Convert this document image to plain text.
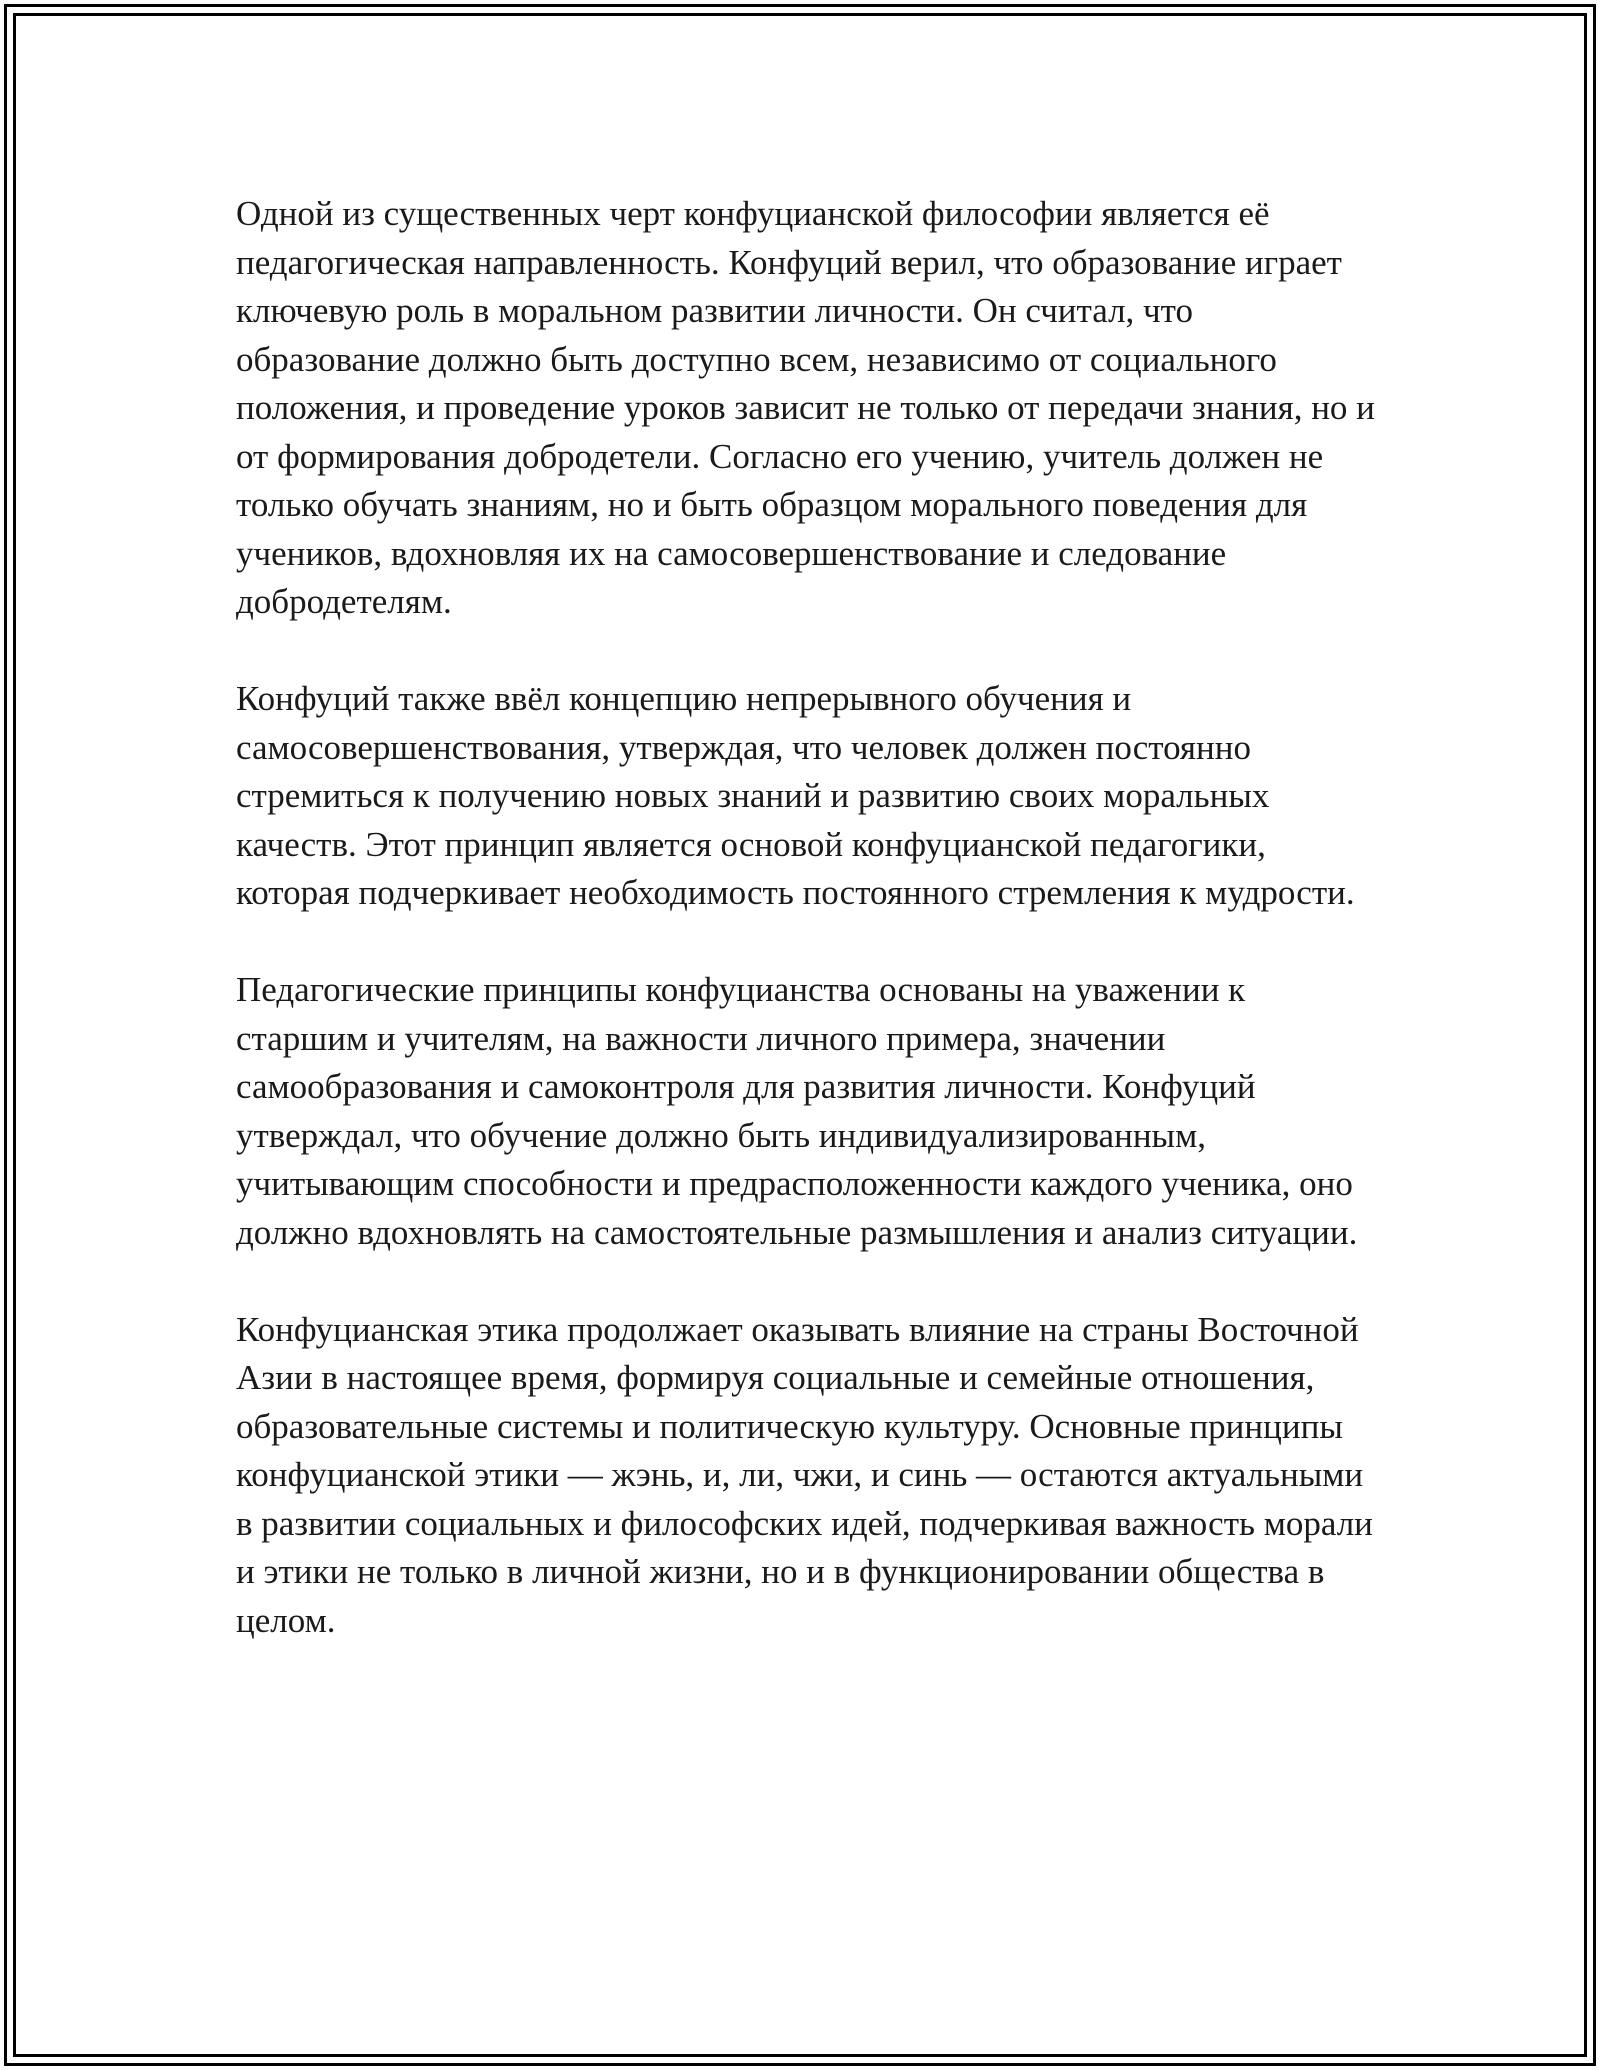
Одной из существенных черт конфуцианской философии является её педагогическая направленность. Конфуций верил, что образование играет ключевую роль в моральном развитии личности. Он считал, что образование должно быть доступно всем, независимо от социального положения, и проведение уроков зависит не только от передачи знания, но и от формирования добродетели. Согласно его учению, учитель должен не только обучать знаниям, но и быть образцом морального поведения для учеников, вдохновляя их на самосовершенствование и следование добродетелям.

Конфуций также ввёл концепцию непрерывного обучения и самосовершенствования, утверждая, что человек должен постоянно стремиться к получению новых знаний и развитию своих моральных качеств. Этот принцип является основой конфуцианской педагогики, которая подчеркивает необходимость постоянного стремления к мудрости.

Педагогические принципы конфуцианства основаны на уважении к старшим и учителям, на важности личного примера, значении самообразования и самоконтроля для развития личности. Конфуций утверждал, что обучение должно быть индивидуализированным, учитывающим способности и предрасположенности каждого ученика, оно должно вдохновлять на самостоятельные размышления и анализ ситуации.

Конфуцианская этика продолжает оказывать влияние на страны Восточной Азии в настоящее время, формируя социальные и семейные отношения, образовательные системы и политическую культуру. Основные принципы конфуцианской этики — жэнь, и, ли, чжи, и синь — остаются актуальными в развитии социальных и философских идей, подчеркивая важность морали и этики не только в личной жизни, но и в функционировании общества в целом.
